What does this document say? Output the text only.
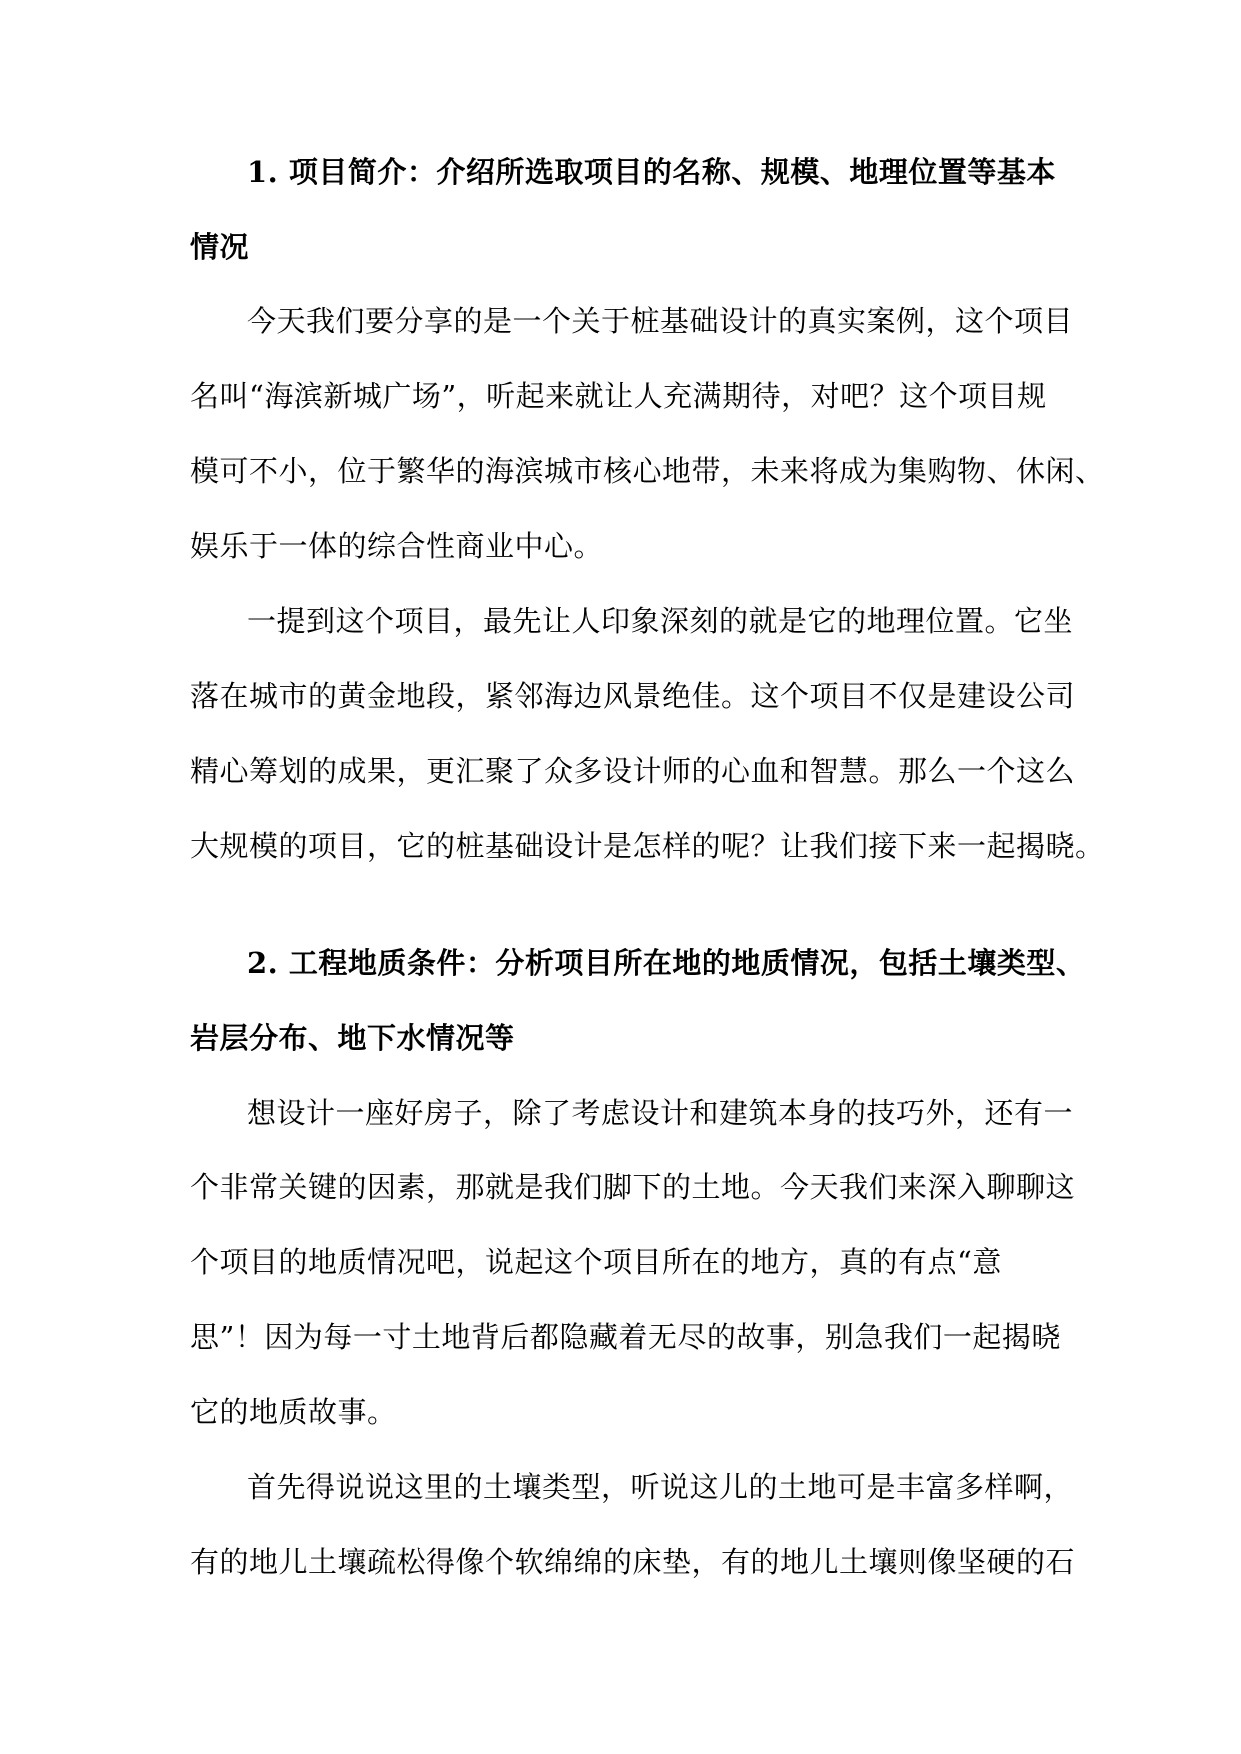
1. 项目简介：介绍所选取项目的名称、规模、地理位置等基本
情况
今天我们要分享的是一个关于桩基础设计的真实案例，这个项目
名叫“海滨新城广场”，听起来就让人充满期待，对吧？这个项目规
模可不小，位于繁华的海滨城市核心地带，未来将成为集购物、休闲、
娱乐于一体的综合性商业中心。
一提到这个项目，最先让人印象深刻的就是它的地理位置。它坐
落在城市的黄金地段，紧邻海边风景绝佳。这个项目不仅是建设公司
精心筹划的成果，更汇聚了众多设计师的心血和智慧。那么一个这么
大规模的项目，它的桩基础设计是怎样的呢？让我们接下来一起揭晓。
2. 工程地质条件：分析项目所在地的地质情况，包括土壤类型、
岩层分布、地下水情况等
想设计一座好房子，除了考虑设计和建筑本身的技巧外，还有一
个非常关键的因素，那就是我们脚下的土地。今天我们来深入聊聊这
个项目的地质情况吧，说起这个项目所在的地方，真的有点“意
思”！因为每一寸土地背后都隐藏着无尽的故事，别急我们一起揭晓
它的地质故事。
首先得说说这里的土壤类型，听说这儿的土地可是丰富多样啊，
有的地儿土壤疏松得像个软绵绵的床垫，有的地儿土壤则像坚硬的石
